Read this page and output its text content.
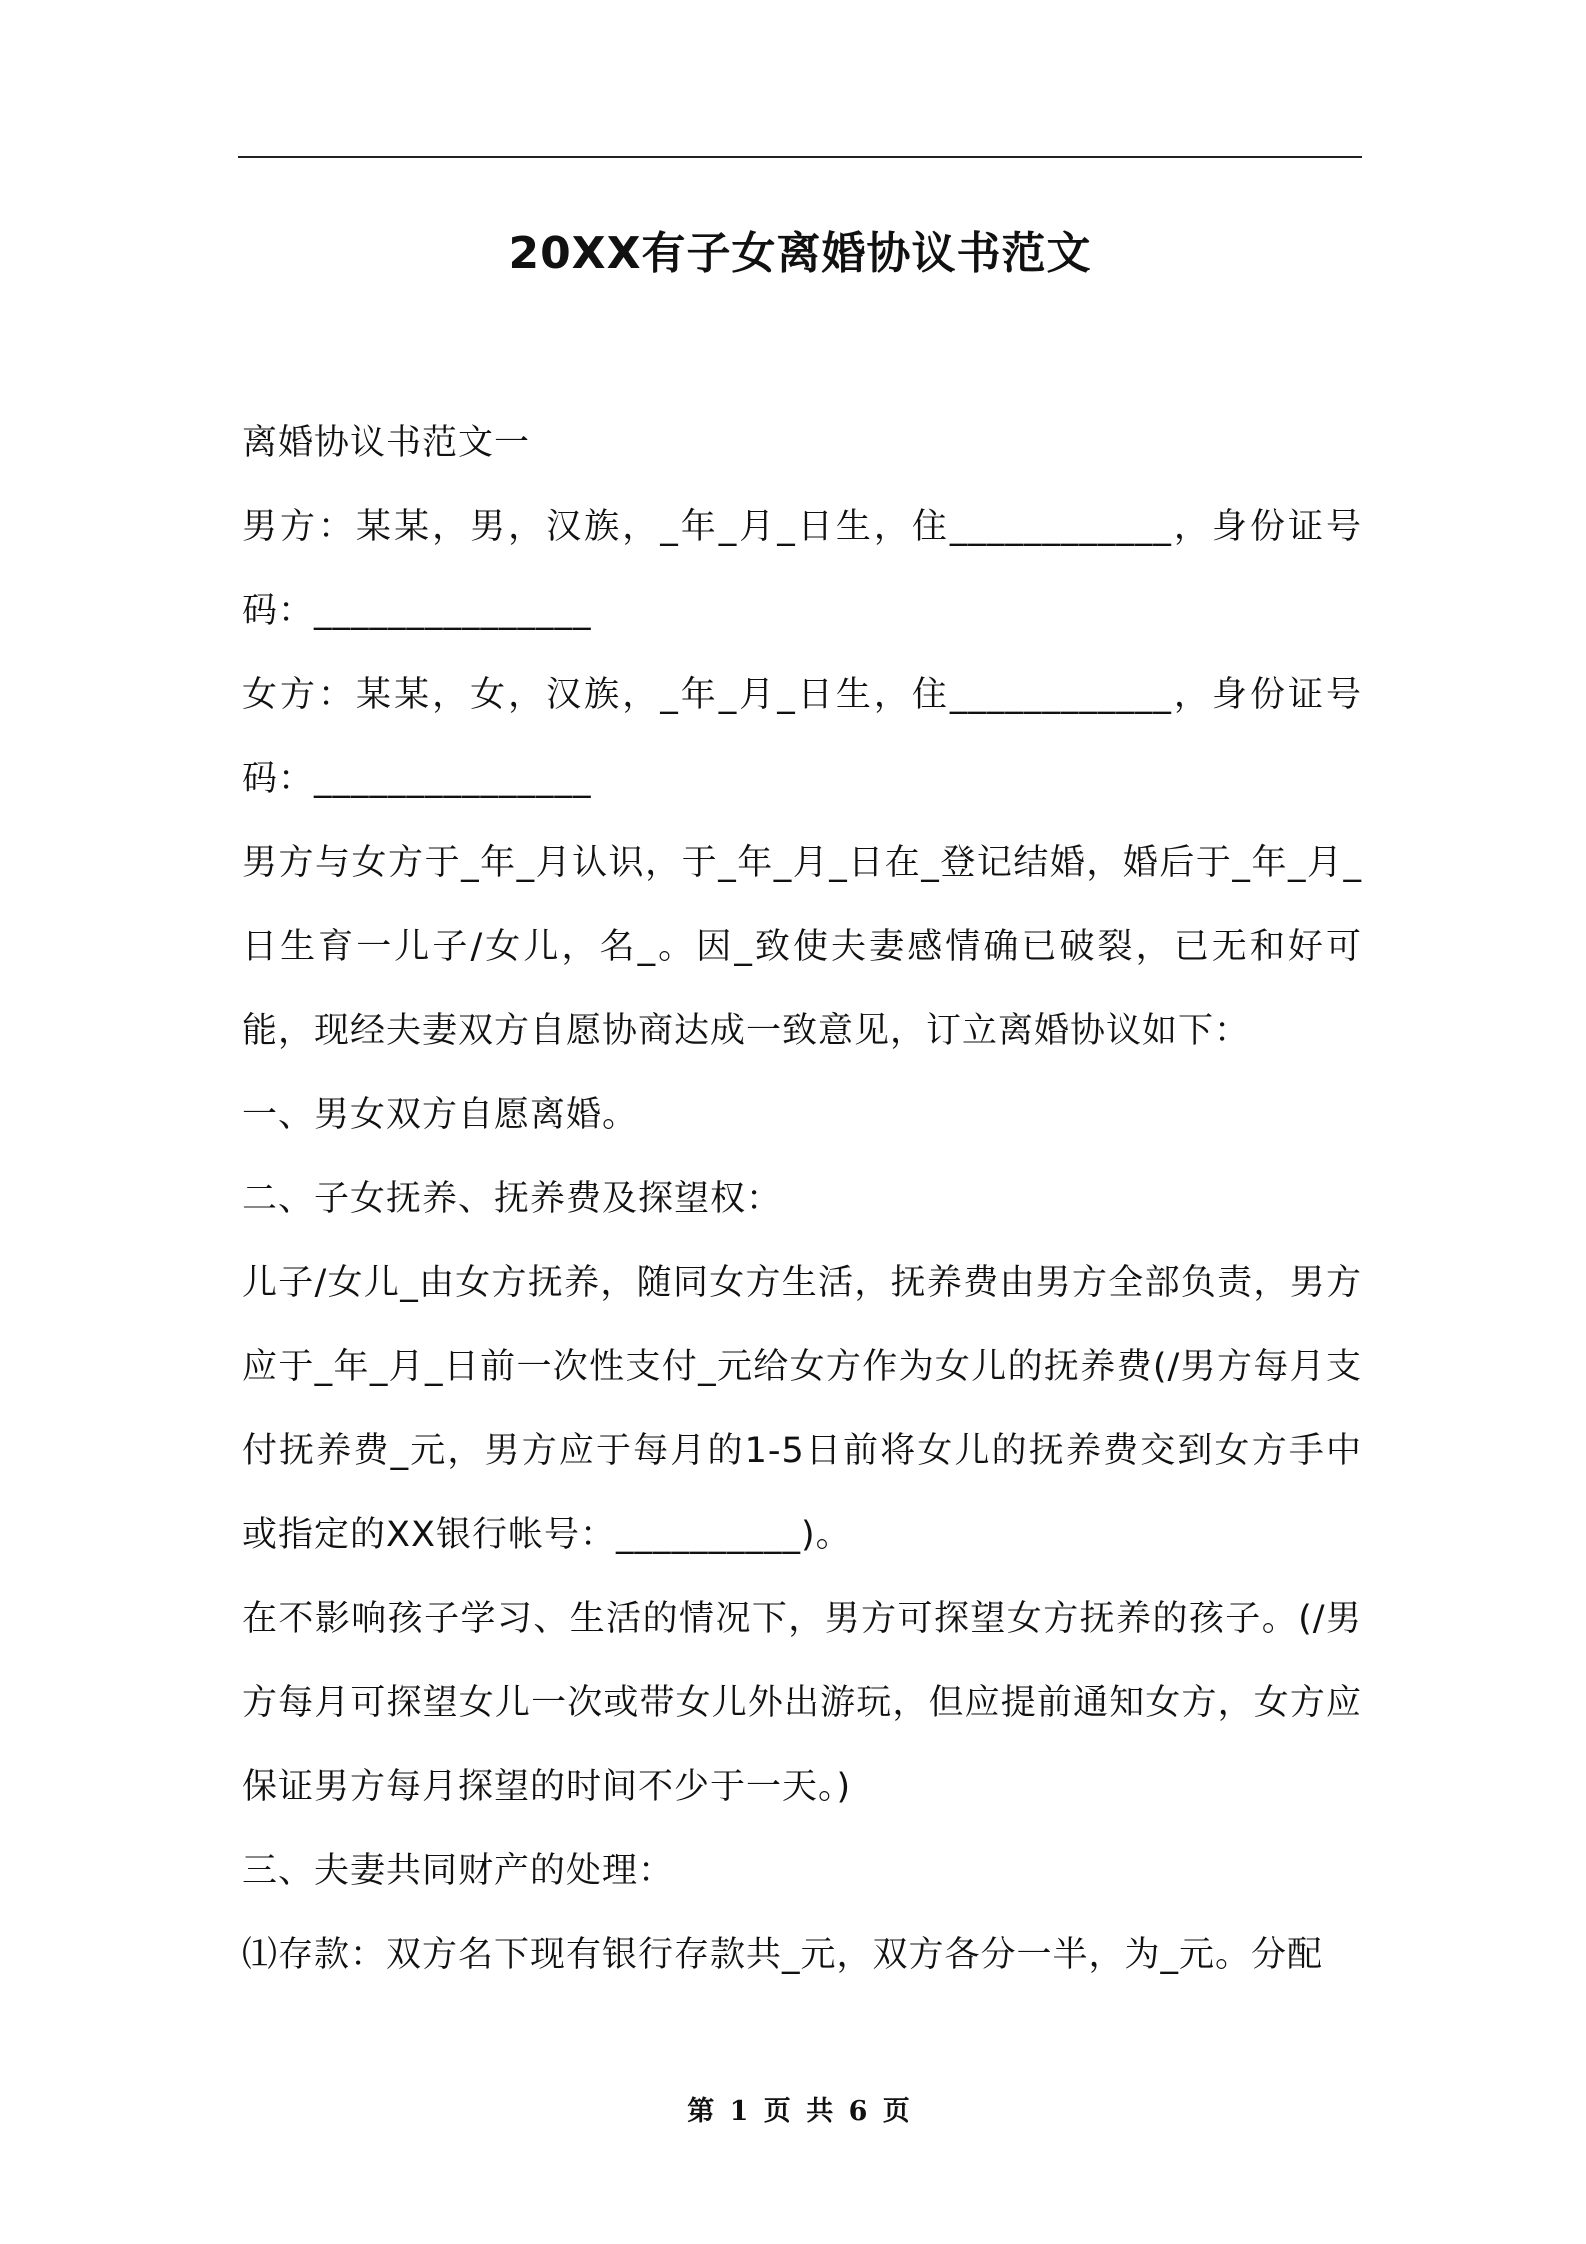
20XX有子女离婚协议书范文

离婚协议书范文一

男方：某某，男，汉族，_年_月_日生，住____________，身份证号码：_______________

女方：某某，女，汉族，_年_月_日生，住____________，身份证号码：_______________

男方与女方于_年_月认识，于_年_月_日在_登记结婚，婚后于_年_月_日生育一儿子/女儿，名_。因_致使夫妻感情确已破裂，已无和好可能，现经夫妻双方自愿协商达成一致意见，订立离婚协议如下：

一、男女双方自愿离婚。

二、子女抚养、抚养费及探望权：

儿子/女儿_由女方抚养，随同女方生活，抚养费由男方全部负责，男方应于_年_月_日前一次性支付_元给女方作为女儿的抚养费(/男方每月支付抚养费_元，男方应于每月的1-5日前将女儿的抚养费交到女方手中或指定的XX银行帐号：__________)。

在不影响孩子学习、生活的情况下，男方可探望女方抚养的孩子。(/男方每月可探望女儿一次或带女儿外出游玩，但应提前通知女方，女方应保证男方每月探望的时间不少于一天。)

三、夫妻共同财产的处理：

⑴存款：双方名下现有银行存款共_元，双方各分一半，为_元。分配

第 1 页 共 6 页
